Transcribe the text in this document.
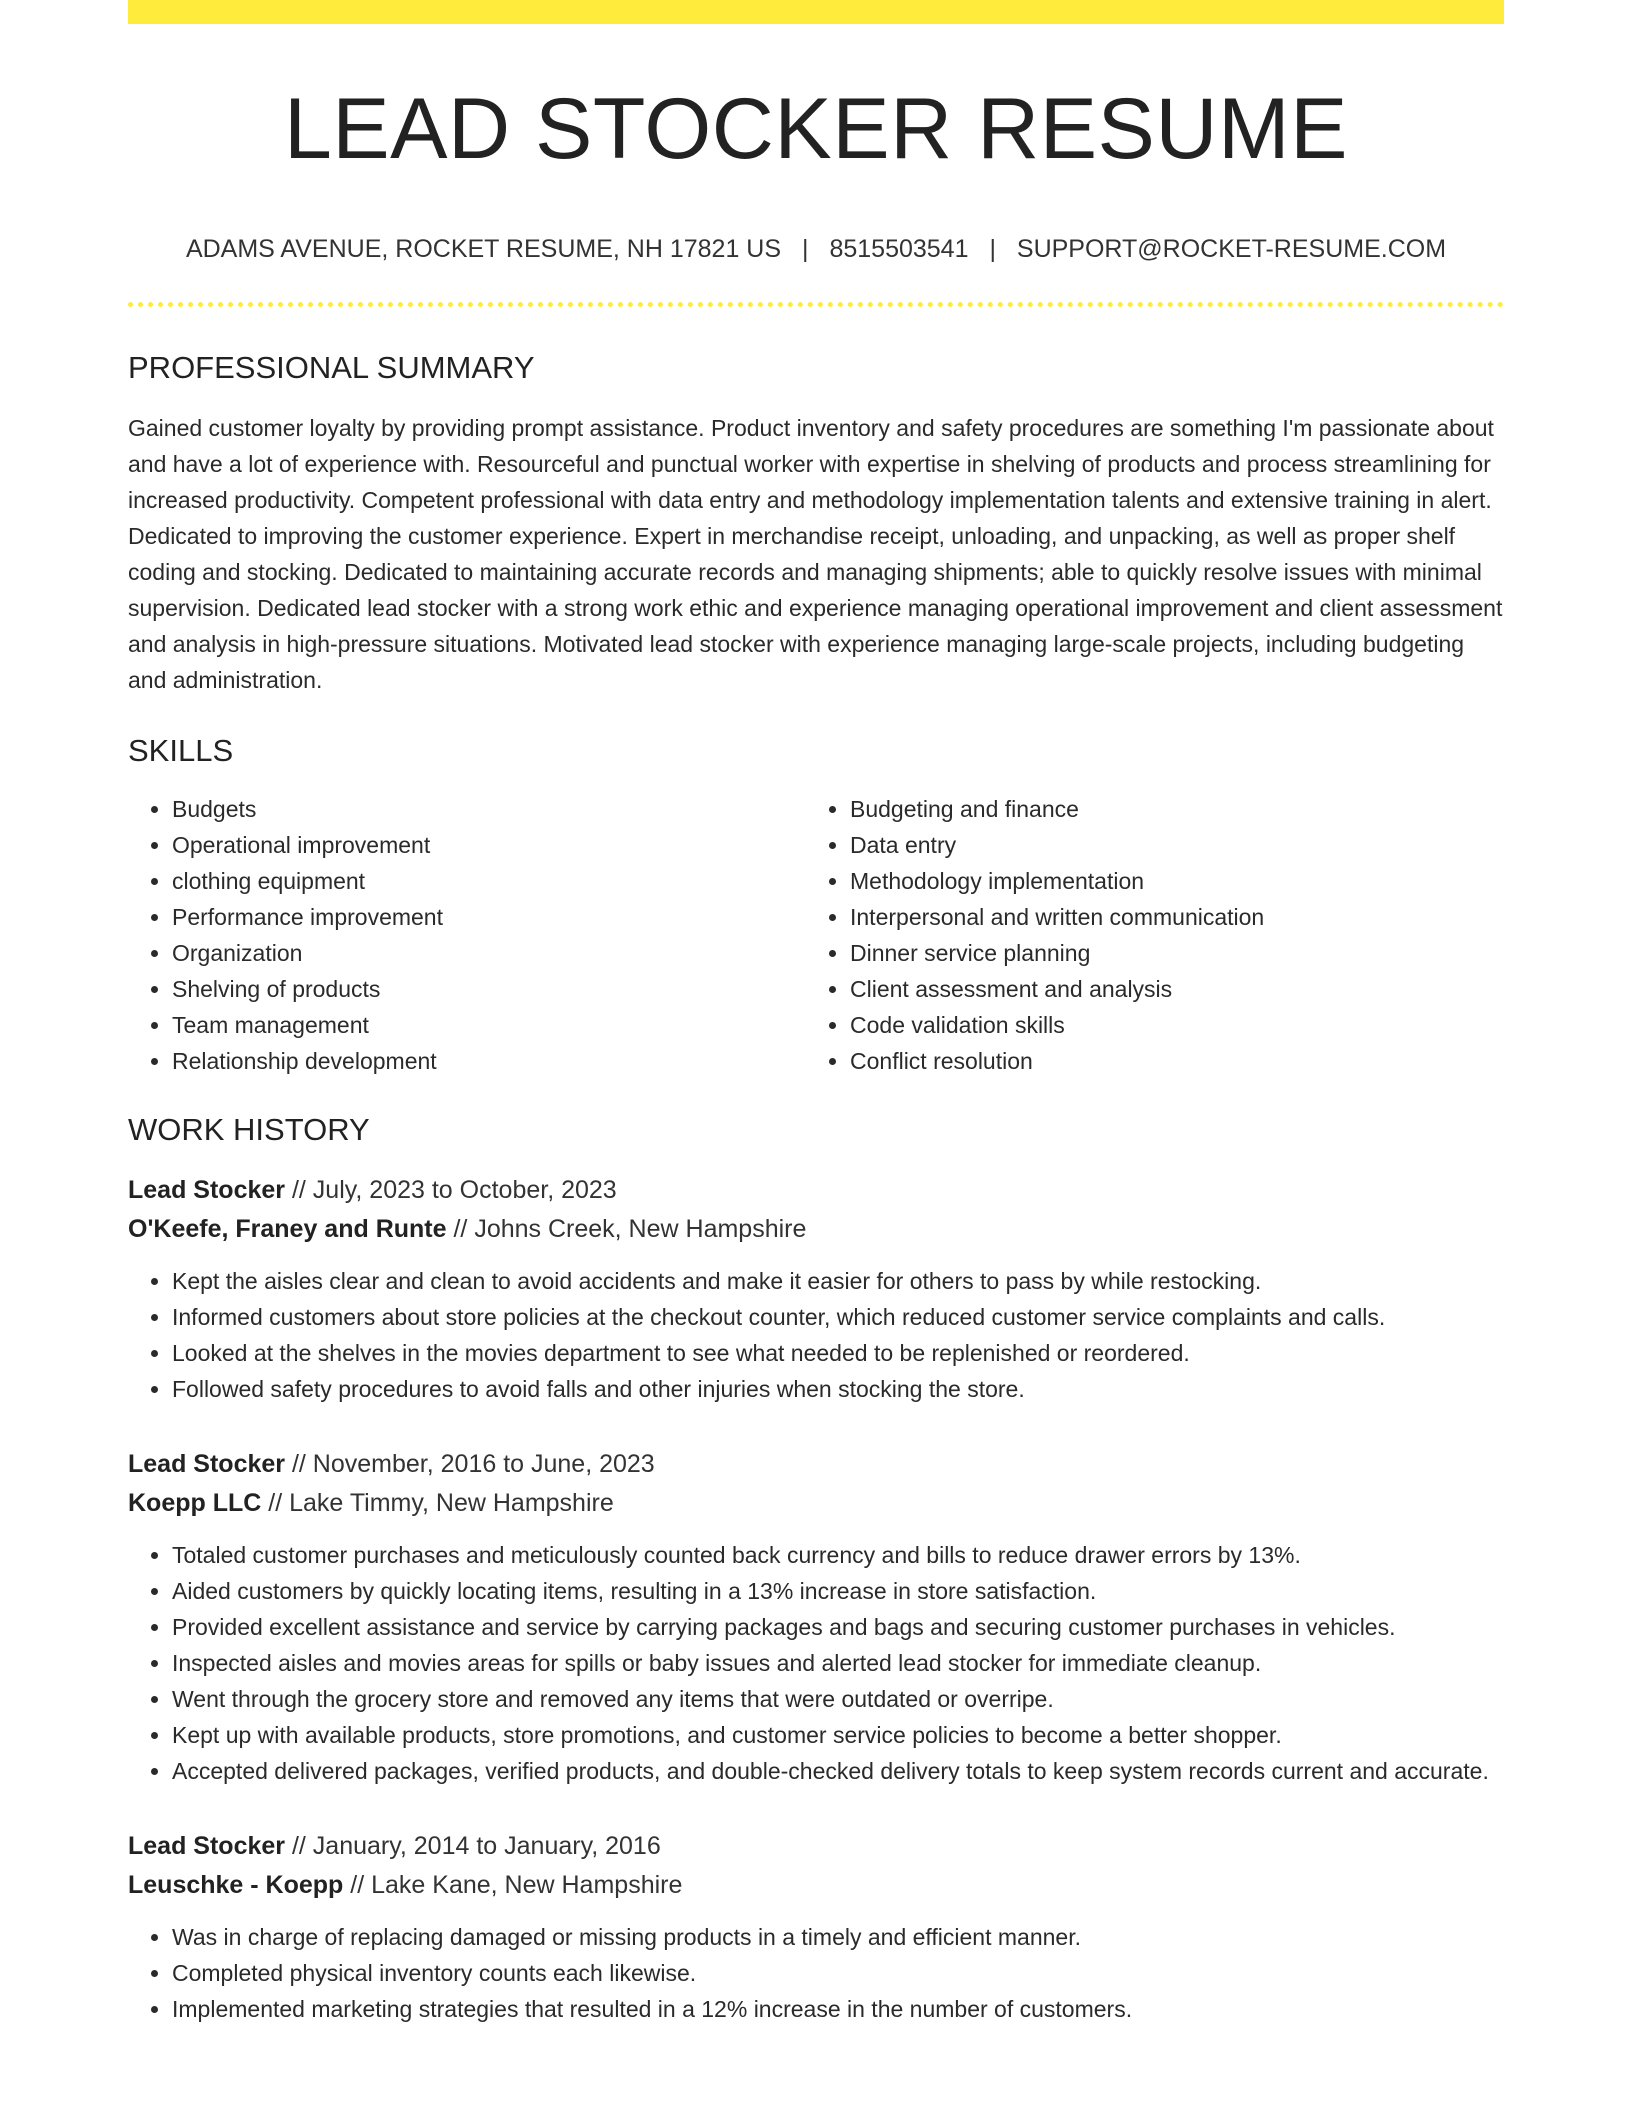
LEAD STOCKER RESUME
ADAMS AVENUE, ROCKET RESUME, NH 17821 US | 8515503541 | SUPPORT@ROCKET-RESUME.COM
PROFESSIONAL SUMMARY

Gained customer loyalty by providing prompt assistance. Product inventory and safety procedures are something I'm passionate about and have a lot of experience with. Resourceful and punctual worker with expertise in shelving of products and process streamlining for increased productivity. Competent professional with data entry and methodology implementation talents and extensive training in alert. Dedicated to improving the customer experience. Expert in merchandise receipt, unloading, and unpacking, as well as proper shelf coding and stocking. Dedicated to maintaining accurate records and managing shipments; able to quickly resolve issues with minimal supervision. Dedicated lead stocker with a strong work ethic and experience managing operational improvement and client assessment and analysis in high-pressure situations. Motivated lead stocker with experience managing large-scale projects, including budgeting and administration.

SKILLS
• Budgets
• Operational improvement
• clothing equipment
• Performance improvement
• Organization
• Shelving of products
• Team management
• Relationship development
• Budgeting and finance
• Data entry
• Methodology implementation
• Interpersonal and written communication
• Dinner service planning
• Client assessment and analysis
• Code validation skills
• Conflict resolution
WORK HISTORY
Lead Stocker // July, 2023 to October, 2023
O'Keefe, Franey and Runte // Johns Creek, New Hampshire
• Kept the aisles clear and clean to avoid accidents and make it easier for others to pass by while restocking.
• Informed customers about store policies at the checkout counter, which reduced customer service complaints and calls.
• Looked at the shelves in the movies department to see what needed to be replenished or reordered.
• Followed safety procedures to avoid falls and other injuries when stocking the store.
Lead Stocker // November, 2016 to June, 2023
Koepp LLC // Lake Timmy, New Hampshire
• Totaled customer purchases and meticulously counted back currency and bills to reduce drawer errors by 13%.
• Aided customers by quickly locating items, resulting in a 13% increase in store satisfaction.
• Provided excellent assistance and service by carrying packages and bags and securing customer purchases in vehicles.
• Inspected aisles and movies areas for spills or baby issues and alerted lead stocker for immediate cleanup.
• Went through the grocery store and removed any items that were outdated or overripe.
• Kept up with available products, store promotions, and customer service policies to become a better shopper.
• Accepted delivered packages, verified products, and double-checked delivery totals to keep system records current and accurate.
Lead Stocker // January, 2014 to January, 2016
Leuschke - Koepp // Lake Kane, New Hampshire
• Was in charge of replacing damaged or missing products in a timely and efficient manner.
• Completed physical inventory counts each likewise.
• Implemented marketing strategies that resulted in a 12% increase in the number of customers.
